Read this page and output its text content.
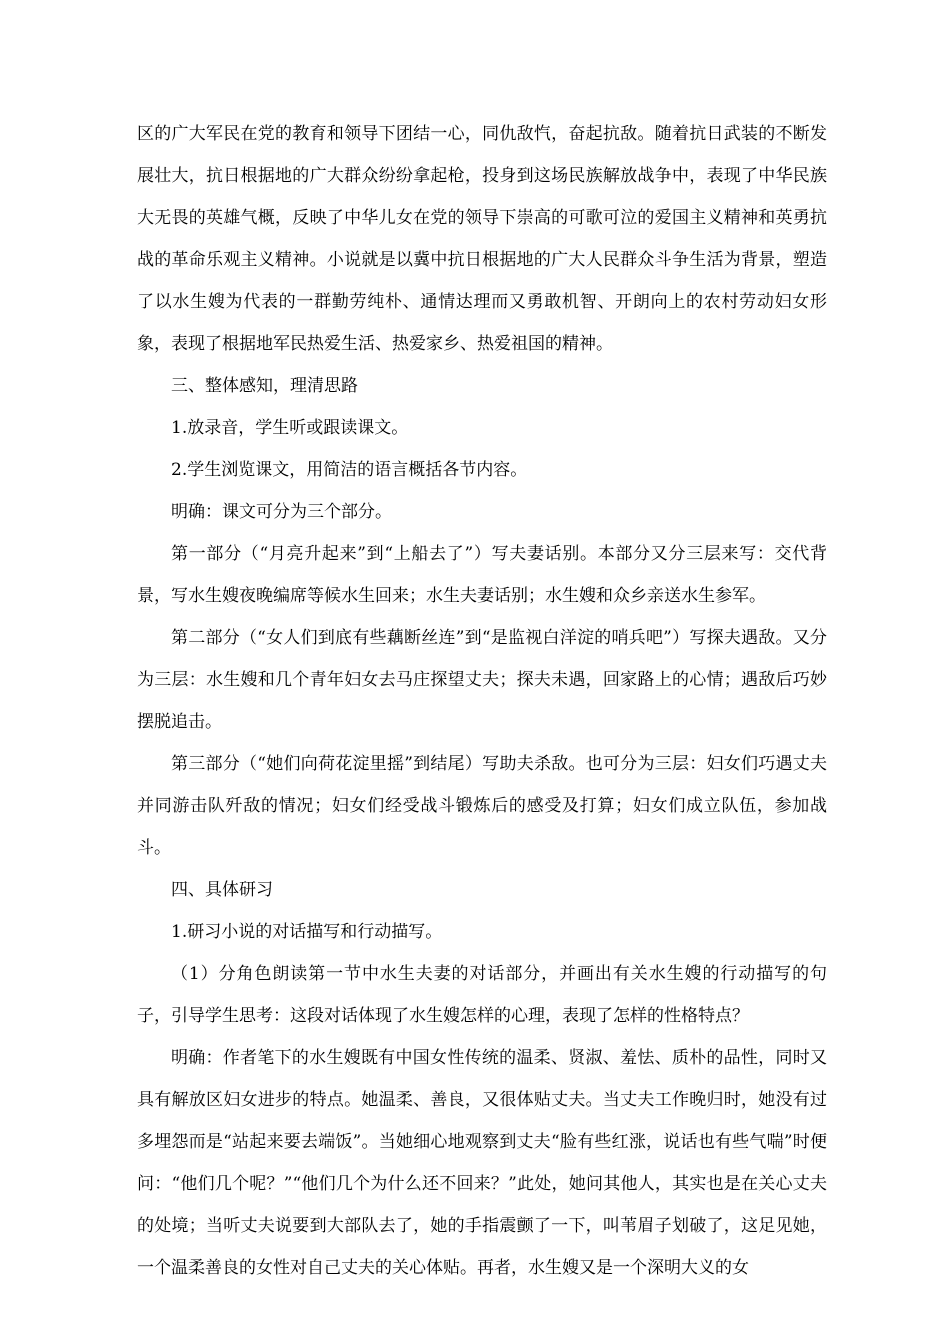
区的广大军民在党的教育和领导下团结一心，同仇敌忾，奋起抗敌。随着抗日武装的不断发展壮大，抗日根据地的广大群众纷纷拿起枪，投身到这场民族解放战争中，表现了中华民族大无畏的英雄气概，反映了中华儿女在党的领导下崇高的可歌可泣的爱国主义精神和英勇抗战的革命乐观主义精神。小说就是以冀中抗日根据地的广大人民群众斗争生活为背景，塑造了以水生嫂为代表的一群勤劳纯朴、通情达理而又勇敢机智、开朗向上的农村劳动妇女形象，表现了根据地军民热爱生活、热爱家乡、热爱祖国的精神。

三、整体感知，理清思路

1.放录音，学生听或跟读课文。

2.学生浏览课文，用简洁的语言概括各节内容。

明确：课文可分为三个部分。

第一部分（“月亮升起来”到“上船去了”）写夫妻话别。本部分又分三层来写：交代背景，写水生嫂夜晚编席等候水生回来；水生夫妻话别；水生嫂和众乡亲送水生参军。

第二部分（“女人们到底有些藕断丝连”到“是监视白洋淀的哨兵吧”）写探夫遇敌。又分为三层：水生嫂和几个青年妇女去马庄探望丈夫；探夫未遇，回家路上的心情；遇敌后巧妙摆脱追击。

第三部分（“她们向荷花淀里摇”到结尾）写助夫杀敌。也可分为三层：妇女们巧遇丈夫并同游击队歼敌的情况；妇女们经受战斗锻炼后的感受及打算；妇女们成立队伍，参加战斗。

四、具体研习

1.研习小说的对话描写和行动描写。

（1）分角色朗读第一节中水生夫妻的对话部分，并画出有关水生嫂的行动描写的句子，引导学生思考：这段对话体现了水生嫂怎样的心理，表现了怎样的性格特点？

明确：作者笔下的水生嫂既有中国女性传统的温柔、贤淑、羞怯、质朴的品性，同时又具有解放区妇女进步的特点。她温柔、善良，又很体贴丈夫。当丈夫工作晚归时，她没有过多埋怨而是“站起来要去端饭”。当她细心地观察到丈夫“脸有些红涨，说话也有些气喘”时便问：“他们几个呢？”“他们几个为什么还不回来？”此处，她问其他人，其实也是在关心丈夫的处境；当听丈夫说要到大部队去了，她的手指震颤了一下，叫苇眉子划破了，这足见她，一个温柔善良的女性对自己丈夫的关心体贴。再者，水生嫂又是一个深明大义的女
